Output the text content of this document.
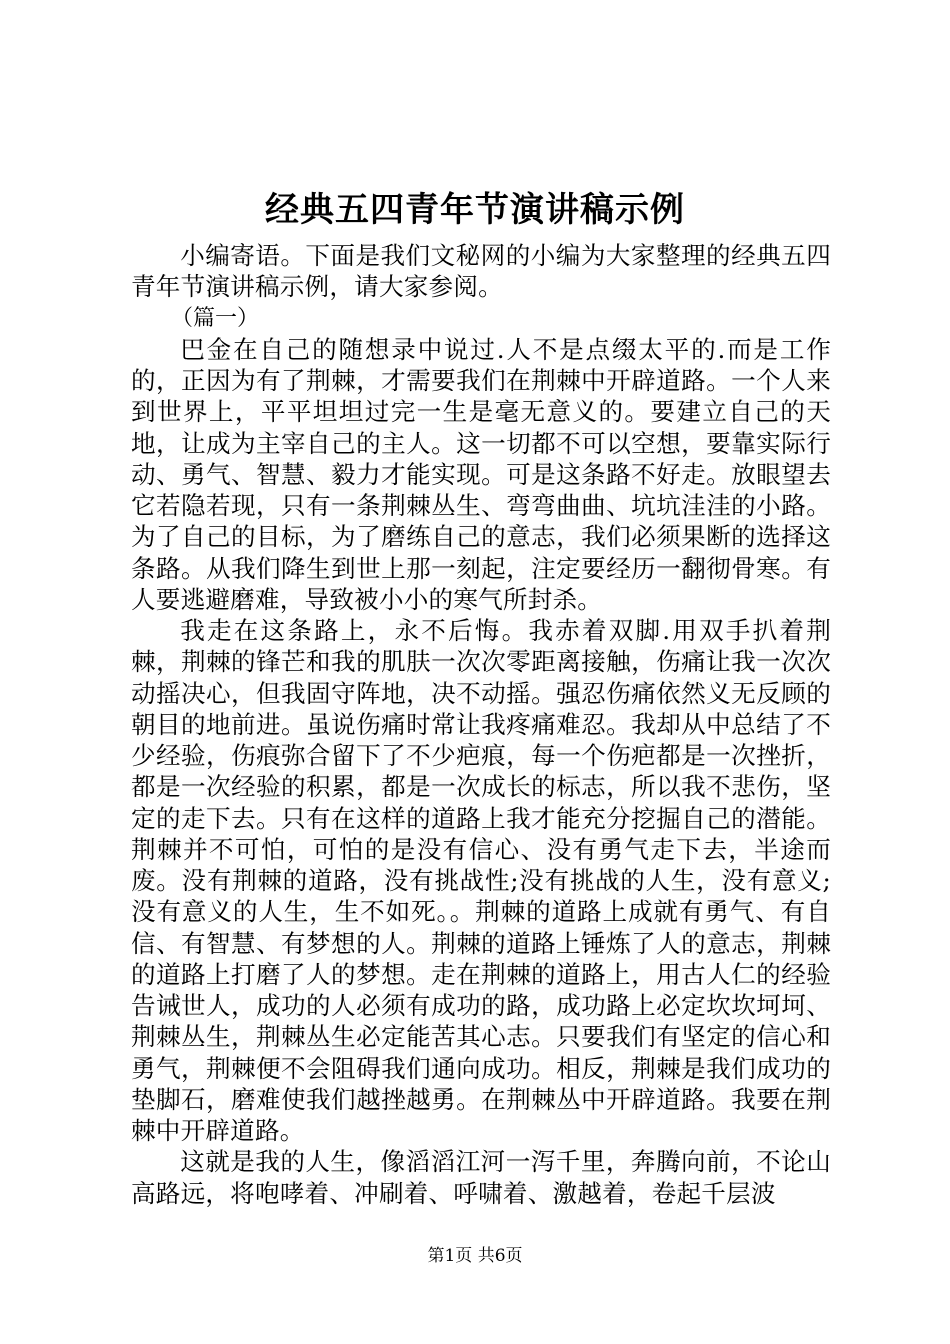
经典五四青年节演讲稿示例

小编寄语。下面是我们文秘网的小编为大家整理的经典五四青年节演讲稿示例，请大家参阅。

（篇一）

巴金在自己的随想录中说过.人不是点缀太平的.而是工作的，正因为有了荆棘，才需要我们在荆棘中开辟道路。一个人来到世界上，平平坦坦过完一生是毫无意义的。要建立自己的天地，让成为主宰自己的主人。这一切都不可以空想，要靠实际行动、勇气、智慧、毅力才能实现。可是这条路不好走。放眼望去它若隐若现，只有一条荆棘丛生、弯弯曲曲、坑坑洼洼的小路。为了自己的目标，为了磨练自己的意志，我们必须果断的选择这条路。从我们降生到世上那一刻起，注定要经历一翻彻骨寒。有人要逃避磨难，导致被小小的寒气所封杀。

我走在这条路上，永不后悔。我赤着双脚.用双手扒着荆棘，荆棘的锋芒和我的肌肤一次次零距离接触，伤痛让我一次次动摇决心，但我固守阵地，决不动摇。强忍伤痛依然义无反顾的朝目的地前进。虽说伤痛时常让我疼痛难忍。我却从中总结了不少经验，伤痕弥合留下了不少疤痕，每一个伤疤都是一次挫折，都是一次经验的积累，都是一次成长的标志，所以我不悲伤，坚定的走下去。只有在这样的道路上我才能充分挖掘自己的潜能。荆棘并不可怕，可怕的是没有信心、没有勇气走下去，半途而废。没有荆棘的道路，没有挑战性;没有挑战的人生，没有意义;没有意义的人生，生不如死。。荆棘的道路上成就有勇气、有自信、有智慧、有梦想的人。荆棘的道路上锤炼了人的意志，荆棘的道路上打磨了人的梦想。走在荆棘的道路上，用古人仁的经验告诫世人，成功的人必须有成功的路，成功路上必定坎坎坷坷、荆棘丛生，荆棘丛生必定能苦其心志。只要我们有坚定的信心和勇气，荆棘便不会阻碍我们通向成功。相反，荆棘是我们成功的垫脚石，磨难使我们越挫越勇。在荆棘丛中开辟道路。我要在荆棘中开辟道路。

这就是我的人生，像滔滔江河一泻千里，奔腾向前，不论山高路远，将咆哮着、冲刷着、呼啸着、激越着，卷起千层波

第1页 共6页
